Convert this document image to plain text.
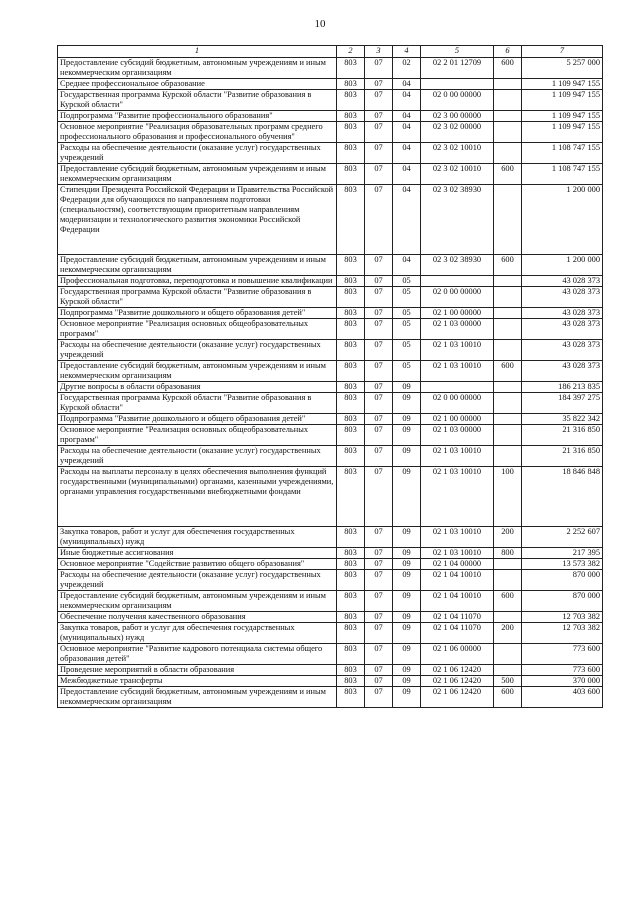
10
1	2	3	4	5	6	7
Предоставление субсидий бюджетным, автономным учреждениям и иным некоммерческим организациям	803	07	02	02 2 01 12709	600	5 257 000
Среднее профессиональное образование	803	07	04			1 109 947 155
Государственная программа Курской области "Развитие образования в Курской области"	803	07	04	02 0 00 00000		1 109 947 155
Подпрограмма "Развитие профессионального образования"	803	07	04	02 3 00 00000		1 109 947 155
Основное мероприятие "Реализация образовательных программ среднего профессионального образования и профессионального обучения"	803	07	04	02 3 02 00000		1 109 947 155
Расходы на обеспечение деятельности (оказание услуг) государственных учреждений	803	07	04	02 3 02 10010		1 108 747 155
Предоставление субсидий бюджетным, автономным учреждениям и иным некоммерческим организациям	803	07	04	02 3 02 10010	600	1 108 747 155
Стипендии Президента Российской Федерации и Правительства Российской Федерации для обучающихся по направлениям подготовки (специальностям), соответствующим приоритетным направлениям модернизации и технологического развития экономики Российской Федерации	803	07	04	02 3 02 38930		1 200 000
Предоставление субсидий бюджетным, автономным учреждениям и иным некоммерческим организациям	803	07	04	02 3 02 38930	600	1 200 000
Профессиональная подготовка, переподготовка и повышение квалификации	803	07	05			43 028 373
Государственная программа Курской области "Развитие образования в Курской области"	803	07	05	02 0 00 00000		43 028 373
Подпрограмма "Развитие дошкольного и общего образования детей"	803	07	05	02 1 00 00000		43 028 373
Основное мероприятие "Реализация основных общеобразовательных программ"	803	07	05	02 1 03 00000		43 028 373
Расходы на обеспечение деятельности (оказание услуг) государственных учреждений	803	07	05	02 1 03 10010		43 028 373
Предоставление субсидий бюджетным, автономным учреждениям и иным некоммерческим организациям	803	07	05	02 1 03 10010	600	43 028 373
Другие вопросы в области образования	803	07	09			186 213 835
Государственная программа Курской области "Развитие образования в Курской области"	803	07	09	02 0 00 00000		184 397 275
Подпрограмма "Развитие дошкольного и общего образования детей"	803	07	09	02 1 00 00000		35 822 342
Основное мероприятие "Реализация основных общеобразовательных программ"	803	07	09	02 1 03 00000		21 316 850
Расходы на обеспечение деятельности (оказание услуг) государственных учреждений	803	07	09	02 1 03 10010		21 316 850
Расходы на выплаты персоналу в целях обеспечения выполнения функций государственными (муниципальными) органами, казенными учреждениями, органами управления государственными внебюджетными фондами	803	07	09	02 1 03 10010	100	18 846 848
Закупка товаров, работ и услуг для обеспечения государственных (муниципальных) нужд	803	07	09	02 1 03 10010	200	2 252 607
Иные бюджетные ассигнования	803	07	09	02 1 03 10010	800	217 395
Основное мероприятие "Содействие развитию общего образования"	803	07	09	02 1 04 00000		13 573 382
Расходы на обеспечение деятельности (оказание услуг) государственных учреждений	803	07	09	02 1 04 10010		870 000
Предоставление субсидий бюджетным, автономным учреждениям и иным некоммерческим организациям	803	07	09	02 1 04 10010	600	870 000
Обеспечение получения качественного образования	803	07	09	02 1 04 11070		12 703 382
Закупка товаров, работ и услуг для обеспечения государственных (муниципальных) нужд	803	07	09	02 1 04 11070	200	12 703 382
Основное мероприятие "Развитие кадрового потенциала системы общего образования детей"	803	07	09	02 1 06 00000		773 600
Проведение мероприятий в области образования	803	07	09	02 1 06 12420		773 600
Межбюджетные трансферты	803	07	09	02 1 06 12420	500	370 000
Предоставление субсидий бюджетным, автономным учреждениям и иным некоммерческим организациям	803	07	09	02 1 06 12420	600	403 600
